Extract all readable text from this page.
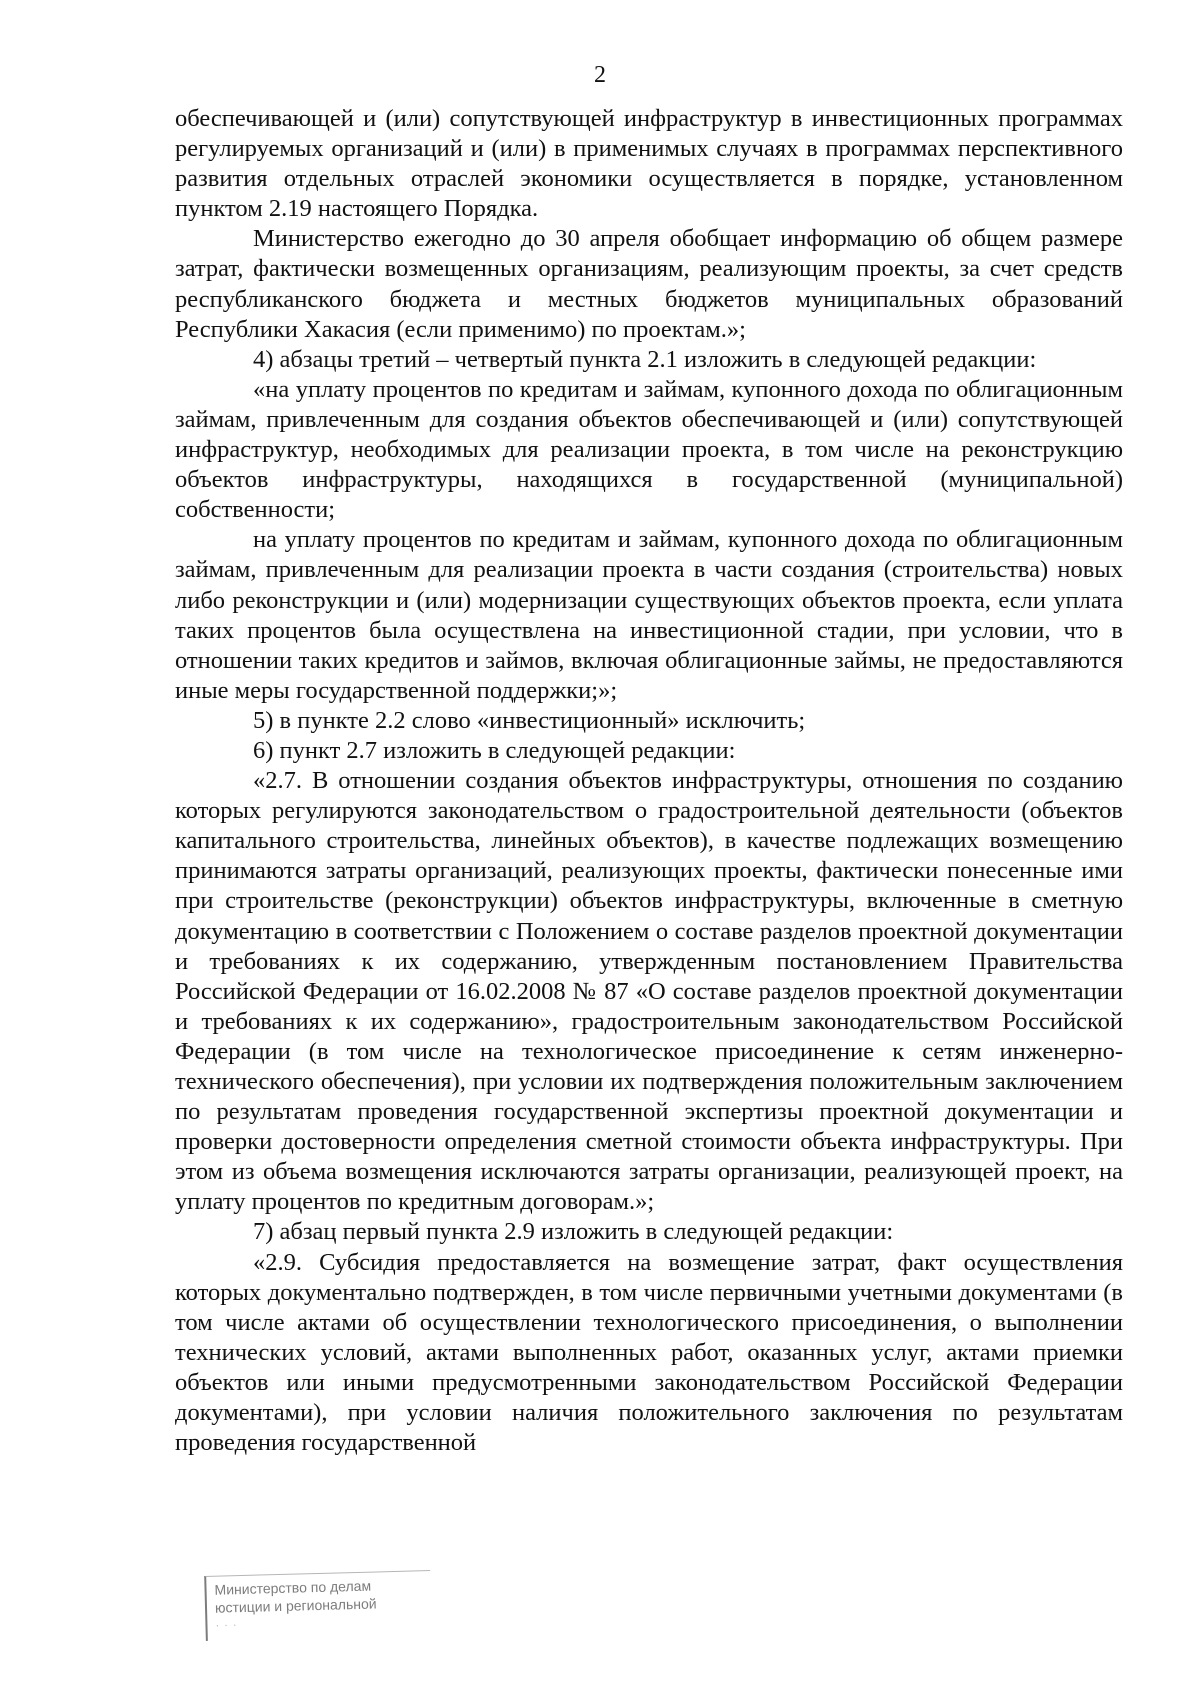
2

обеспечивающей и (или) сопутствующей инфраструктур в инвестиционных программах регулируемых организаций и (или) в применимых случаях в программах перспективного развития отдельных отраслей экономики осуществляется в порядке, установленном пунктом 2.19 настоящего Порядка.

Министерство ежегодно до 30 апреля обобщает информацию об общем размере затрат, фактически возмещенных организациям, реализующим проекты, за счет средств республиканского бюджета и местных бюджетов муниципальных образований Республики Хакасия (если применимо) по проектам.»;

4) абзацы третий – четвертый пункта 2.1 изложить в следующей редакции:

«на уплату процентов по кредитам и займам, купонного дохода по облигационным займам, привлеченным для создания объектов обеспечивающей и (или) сопутствующей инфраструктур, необходимых для реализации проекта, в том числе на реконструкцию объектов инфраструктуры, находящихся в государственной (муниципальной) собственности;

на уплату процентов по кредитам и займам, купонного дохода по облигационным займам, привлеченным для реализации проекта в части создания (строительства) новых либо реконструкции и (или) модернизации существующих объектов проекта, если уплата таких процентов была осуществлена на инвестиционной стадии, при условии, что в отношении таких кредитов и займов, включая облигационные займы, не предоставляются иные меры государственной поддержки;»;

5) в пункте 2.2 слово «инвестиционный» исключить;

6) пункт 2.7 изложить в следующей редакции:

«2.7. В отношении создания объектов инфраструктуры, отношения по созданию которых регулируются законодательством о градостроительной деятельности (объектов капитального строительства, линейных объектов), в качестве подлежащих возмещению принимаются затраты организаций, реализующих проекты, фактически понесенные ими при строительстве (реконструкции) объектов инфраструктуры, включенные в сметную документацию в соответствии с Положением о составе разделов проектной документации и требованиях к их содержанию, утвержденным постановлением Правительства Российской Федерации от 16.02.2008 № 87 «О составе разделов проектной документации и требованиях к их содержанию», градостроительным законодательством Российской Федерации (в том числе на технологическое присоединение к сетям инженерно-технического обеспечения), при условии их подтверждения положительным заключением по результатам проведения государственной экспертизы проектной документации и проверки достоверности определения сметной стоимости объекта инфраструктуры. При этом из объема возмещения исключаются затраты организации, реализующей проект, на уплату процентов по кредитным договорам.»;

7) абзац первый пункта 2.9 изложить в следующей редакции:

«2.9. Субсидия предоставляется на возмещение затрат, факт осуществления которых документально подтвержден, в том числе первичными учетными документами (в том числе актами об осуществлении технологического присоединения, о выполнении технических условий, актами выполненных работ, оказанных услуг, актами приемки объектов или иными предусмотренными законодательством Российской Федерации документами), при условии наличия положительного заключения по результатам проведения государственной

Министерство по делам
юстиции и региональной
· · ·
